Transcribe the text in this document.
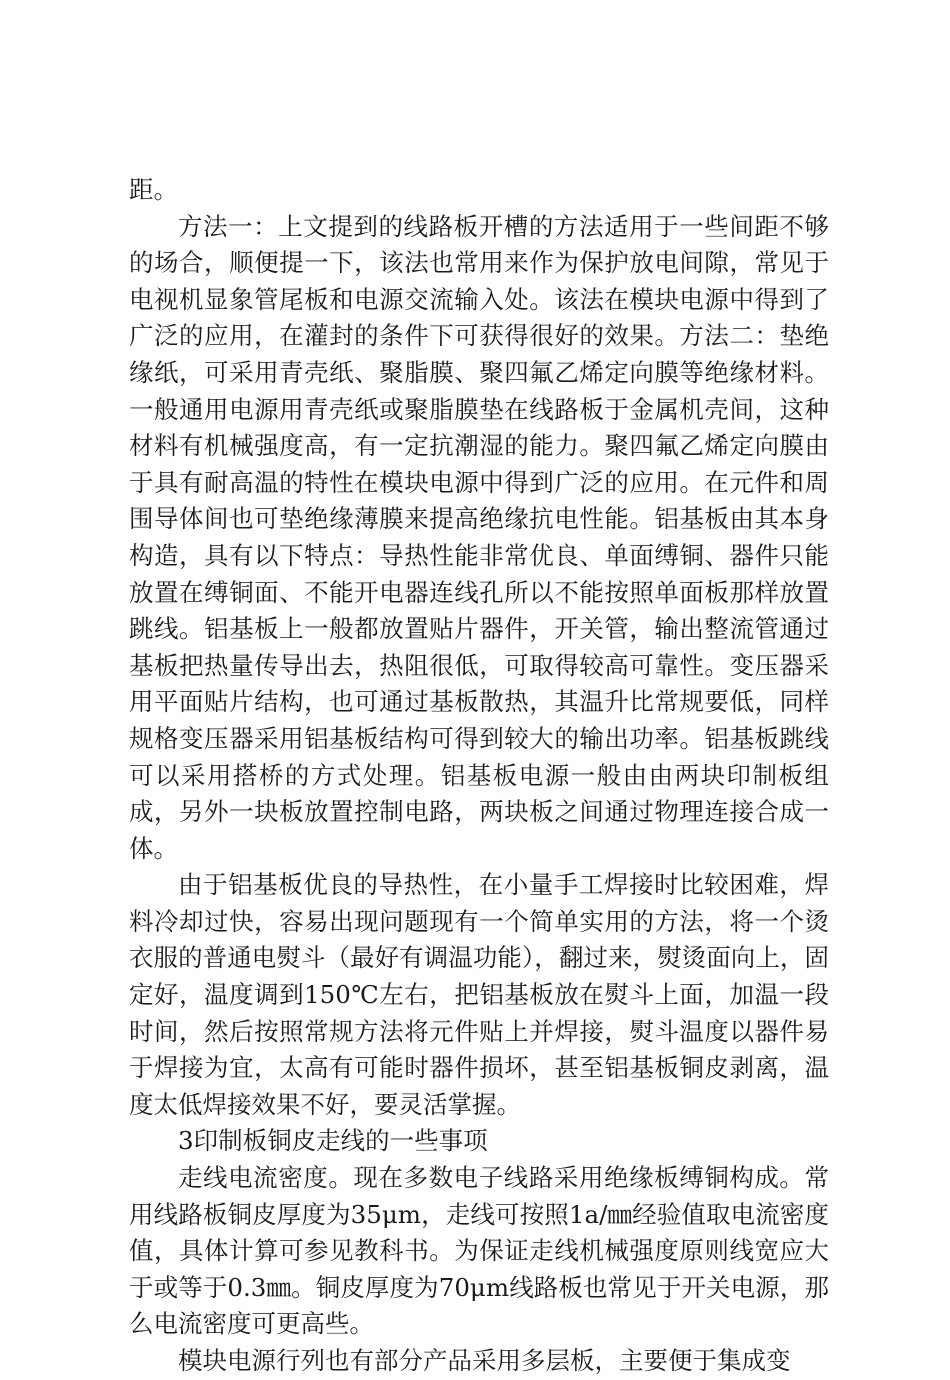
距。

方法一：上文提到的线路板开槽的方法适用于一些间距不够的场合，顺便提一下，该法也常用来作为保护放电间隙，常见于电视机显象管尾板和电源交流输入处。该法在模块电源中得到了广泛的应用，在灌封的条件下可获得很好的效果。方法二：垫绝缘纸，可采用青壳纸、聚脂膜、聚四氟乙烯定向膜等绝缘材料。一般通用电源用青壳纸或聚脂膜垫在线路板于金属机壳间，这种材料有机械强度高，有一定抗潮湿的能力。聚四氟乙烯定向膜由于具有耐高温的特性在模块电源中得到广泛的应用。在元件和周围导体间也可垫绝缘薄膜来提高绝缘抗电性能。铝基板由其本身构造，具有以下特点：导热性能非常优良、单面缚铜、器件只能放置在缚铜面、不能开电器连线孔所以不能按照单面板那样放置跳线。铝基板上一般都放置贴片器件，开关管，输出整流管通过基板把热量传导出去，热阻很低，可取得较高可靠性。变压器采用平面贴片结构，也可通过基板散热，其温升比常规要低，同样规格变压器采用铝基板结构可得到较大的输出功率。铝基板跳线可以采用搭桥的方式处理。铝基板电源一般由由两块印制板组成，另外一块板放置控制电路，两块板之间通过物理连接合成一体。

由于铝基板优良的导热性，在小量手工焊接时比较困难，焊料冷却过快，容易出现问题现有一个简单实用的方法，将一个烫衣服的普通电熨斗（最好有调温功能），翻过来，熨烫面向上，固定好，温度调到150℃左右，把铝基板放在熨斗上面，加温一段时间，然后按照常规方法将元件贴上并焊接，熨斗温度以器件易于焊接为宜，太高有可能时器件损坏，甚至铝基板铜皮剥离，温度太低焊接效果不好，要灵活掌握。

3印制板铜皮走线的一些事项

走线电流密度。现在多数电子线路采用绝缘板缚铜构成。常用线路板铜皮厚度为35μm，走线可按照1a/㎜经验值取电流密度值，具体计算可参见教科书。为保证走线机械强度原则线宽应大于或等于0.3㎜。铜皮厚度为70μm线路板也常见于开关电源，那么电流密度可更高些。

模块电源行列也有部分产品采用多层板，主要便于集成变
